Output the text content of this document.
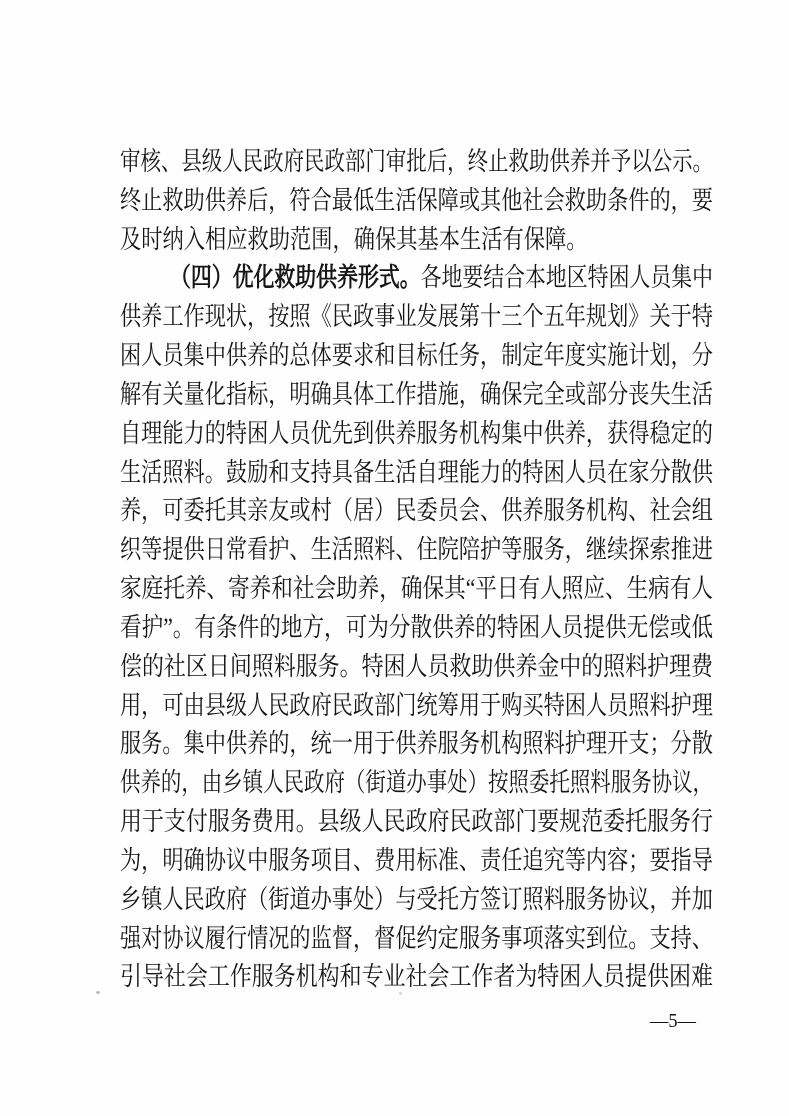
审核、县级人民政府民政部门审批后，终止救助供养并予以公示。
终止救助供养后，符合最低生活保障或其他社会救助条件的，要
及时纳入相应救助范围，确保其基本生活有保障。
（四）优化救助供养形式。各地要结合本地区特困人员集中
供养工作现状，按照《民政事业发展第十三个五年规划》关于特
困人员集中供养的总体要求和目标任务，制定年度实施计划，分
解有关量化指标，明确具体工作措施，确保完全或部分丧失生活
自理能力的特困人员优先到供养服务机构集中供养，获得稳定的
生活照料。鼓励和支持具备生活自理能力的特困人员在家分散供
养，可委托其亲友或村（居）民委员会、供养服务机构、社会组
织等提供日常看护、生活照料、住院陪护等服务，继续探索推进
家庭托养、寄养和社会助养，确保其“平日有人照应、生病有人
看护”。有条件的地方，可为分散供养的特困人员提供无偿或低
偿的社区日间照料服务。特困人员救助供养金中的照料护理费
用，可由县级人民政府民政部门统筹用于购买特困人员照料护理
服务。集中供养的，统一用于供养服务机构照料护理开支；分散
供养的，由乡镇人民政府（街道办事处）按照委托照料服务协议，
用于支付服务费用。县级人民政府民政部门要规范委托服务行
为，明确协议中服务项目、费用标准、责任追究等内容；要指导
乡镇人民政府（街道办事处）与受托方签订照料服务协议，并加
强对协议履行情况的监督，督促约定服务事项落实到位。支持、
引导社会工作服务机构和专业社会工作者为特困人员提供困难
—5—
